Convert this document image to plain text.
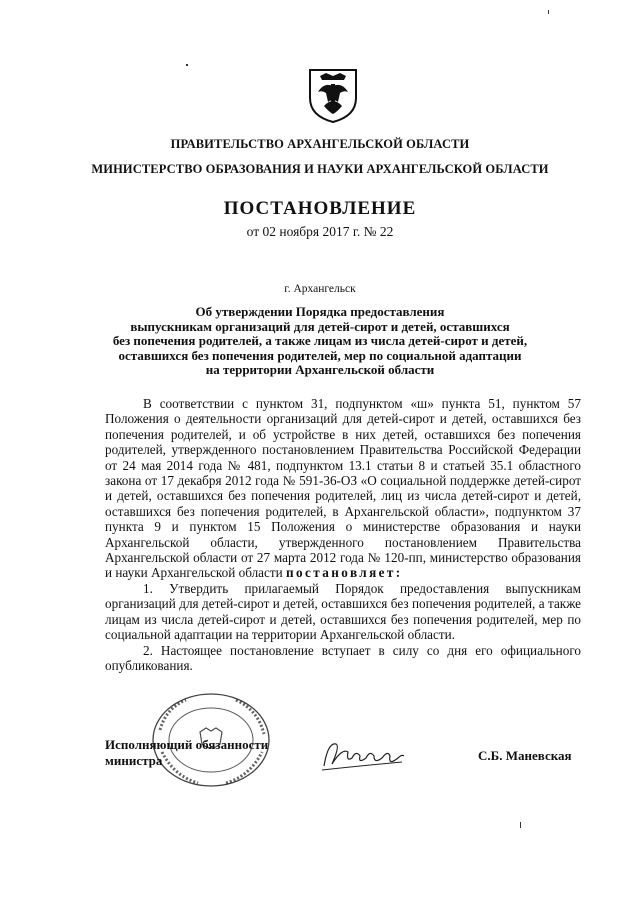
ПРАВИТЕЛЬСТВО АРХАНГЕЛЬСКОЙ ОБЛАСТИ
МИНИСТЕРСТВО ОБРАЗОВАНИЯ И НАУКИ АРХАНГЕЛЬСКОЙ ОБЛАСТИ
ПОСТАНОВЛЕНИЕ
от 02 ноября 2017 г. № 22
г. Архангельск
Об утверждении Порядка предоставления
выпускникам организаций для детей-сирот и детей, оставшихся
без попечения родителей, а также лицам из числа детей-сирот и детей,
оставшихся без попечения родителей, мер по социальной адаптации
на территории Архангельской области

В соответствии с пунктом 31, подпунктом «ш» пункта 51, пунктом 57 Положения о деятельности организаций для детей-сирот и детей, оставшихся без попечения родителей, и об устройстве в них детей, оставшихся без попечения родителей, утвержденного постановлением Правительства Российской Федерации от 24 мая 2014 года № 481, подпунктом 13.1 статьи 8 и статьей 35.1 областного закона от 17 декабря 2012 года № 591-36-ОЗ «О социальной поддержке детей-сирот и детей, оставшихся без попечения родителей, лиц из числа детей-сирот и детей, оставшихся без попечения родителей, в Архангельской области», подпунктом 37 пункта 9 и пунктом 15 Положения о министерстве образования и науки Архангельской области, утвержденного постановлением Правительства Архангельской области от 27 марта 2012 года № 120-пп, министерство образования и науки Архангельской области постановляет:

1. Утвердить прилагаемый Порядок предоставления выпускникам организаций для детей-сирот и детей, оставшихся без попечения родителей, а также лицам из числа детей-сирот и детей, оставшихся без попечения родителей, мер по социальной адаптации на территории Архангельской области.

2. Настоящее постановление вступает в силу со дня его официального опубликования.

Исполняющий обязанности
министра	С.Б. Маневская
